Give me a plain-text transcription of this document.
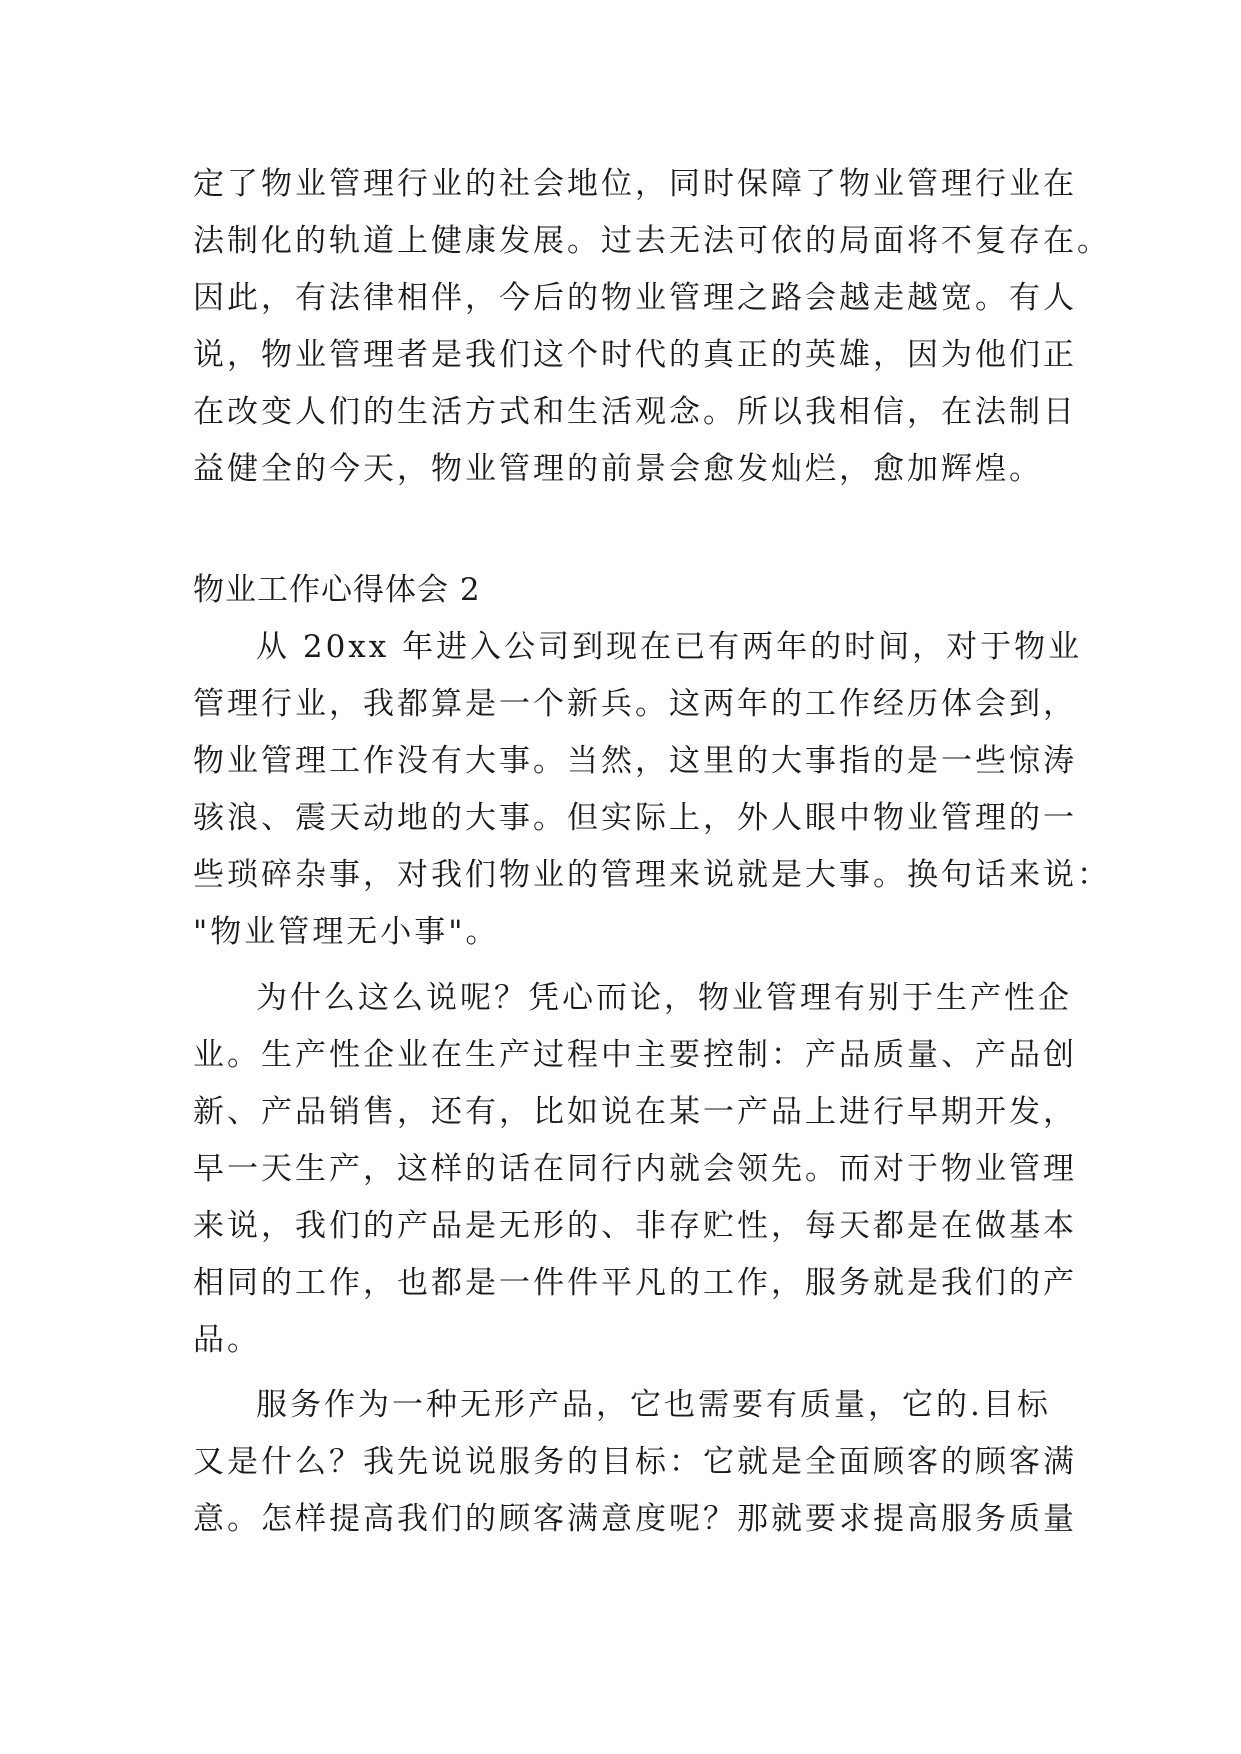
定了物业管理行业的社会地位，同时保障了物业管理行业在
法制化的轨道上健康发展。过去无法可依的局面将不复存在。
因此，有法律相伴，今后的物业管理之路会越走越宽。有人
说，物业管理者是我们这个时代的真正的英雄，因为他们正
在改变人们的生活方式和生活观念。所以我相信，在法制日
益健全的今天，物业管理的前景会愈发灿烂，愈加辉煌。
物业工作心得体会 2
从 20xx 年进入公司到现在已有两年的时间，对于物业
管理行业，我都算是一个新兵。这两年的工作经历体会到，
物业管理工作没有大事。当然，这里的大事指的是一些惊涛
骇浪、震天动地的大事。但实际上，外人眼中物业管理的一
些琐碎杂事，对我们物业的管理来说就是大事。换句话来说：
"物业管理无小事"。
为什么这么说呢？凭心而论，物业管理有别于生产性企
业。生产性企业在生产过程中主要控制：产品质量、产品创
新、产品销售，还有，比如说在某一产品上进行早期开发，
早一天生产，这样的话在同行内就会领先。而对于物业管理
来说，我们的产品是无形的、非存贮性，每天都是在做基本
相同的工作，也都是一件件平凡的工作，服务就是我们的产
品。
服务作为一种无形产品，它也需要有质量，它的.目标
又是什么？我先说说服务的目标：它就是全面顾客的顾客满
意。怎样提高我们的顾客满意度呢？那就要求提高服务质量
